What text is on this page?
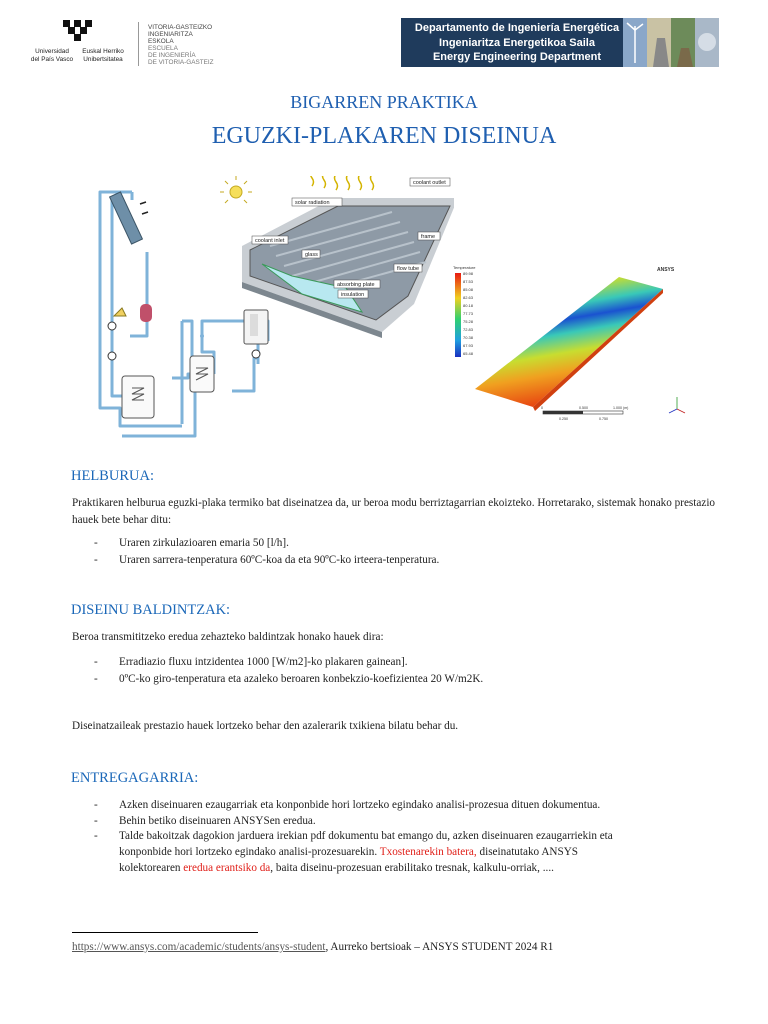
Universidad
del País Vasco
Euskal Herriko
Unibertsitatea
VITORIA-GASTEIZKO
INGENIARITZA
ESKOLA
ESCUELA
DE INGENIERÍA
DE VITORIA-GASTEIZ
Departamento de Ingeniería Energética
Ingeniaritza Energetikoa Saila
Energy Engineering Department
BIGARREN PRAKTIKA
EGUZKI-PLAKAREN DISEINUA
coolant outlet
solar radiation
coolant inlet
glass
frame
flow tube
absorbing plate
insulation
Temperature
89.98
87.53
85.08
82.63
80.18
77.73
75.28
72.83
70.38
67.93
65.48
ANSYS
0	0.500	1.000 (m)
0.250	0.750
HELBURUA:
Praktikaren helburua eguzki-plaka termiko bat diseinatzea da, ur beroa modu berriztagarrian ekoizteko. Horretarako, sistemak honako prestazio hauek bete behar ditu:
- Uraren zirkulazioaren emaria 50 [l/h].
- Uraren sarrera-tenperatura 60ºC-koa da eta 90ºC-ko irteera-tenperatura.
DISEINU BALDINTZAK:
Beroa transmititzeko eredua zehazteko baldintzak honako hauek dira:
- Erradiazio fluxu intzidentea 1000 [W/m2]-ko plakaren gainean].
- 0ºC-ko giro-tenperatura eta azaleko beroaren konbekzio-koefizientea 20 W/m2K.
Diseinatzaileak prestazio hauek lortzeko behar den azalerarik txikiena bilatu behar du.
ENTREGAGARRIA:
- Azken diseinuaren ezaugarriak eta konponbide hori lortzeko egindako analisi-prozesua dituen dokumentua.
- Behin betiko diseinuaren ANSYSen eredua.
- Talde bakoitzak dagokion jarduera irekian pdf dokumentu bat emango du, azken diseinuaren ezaugarriekin eta
konponbide hori lortzeko egindako analisi-prozesuarekin. Txostenarekin batera, diseinatutako ANSYS
kolektorearen eredua erantsiko da, baita diseinu-prozesuan erabilitako tresnak, kalkulu-orriak, ....
https://www.ansys.com/academic/students/ansys-student, Aurreko bertsioak – ANSYS STUDENT 2024 R1
